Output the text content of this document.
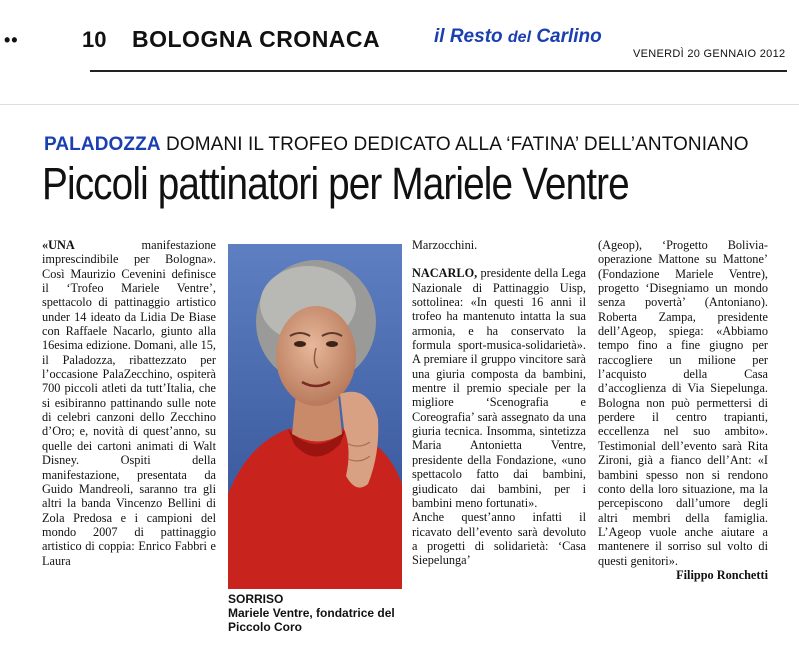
••	10 BOLOGNA CRONACA	il Resto del Carlino
VENERDÌ 20 GENNAIO 2012
PALADOZZA DOMANI IL TROFEO DEDICATO ALLA ‘FATINA’ DELL’ANTONIANO
Piccoli pattinatori per Mariele Ventre

«UNA manifestazione imprescindibile per Bologna». Così Maurizio Cevenini definisce il ‘Trofeo Mariele Ventre’, spettacolo di pattinaggio artistico under 14 ideato da Lidia De Biase con Raffaele Nacarlo, giunto alla 16esima edizione. Domani, alle 15, il Paladozza, ribattezzato per l’occasione PalaZecchino, ospiterà 700 piccoli atleti da tutt’Italia, che si esibiranno pattinando sulle note di celebri canzoni dello Zecchino d’Oro; e, novità di quest’anno, su quelle dei cartoni animati di Walt Disney. Ospiti della manifestazione, presentata da Guido Mandreoli, saranno tra gli altri la banda Vincenzo Bellini di Zola Predosa e i campioni del mondo 2007 di pattinaggio artistico di coppia: Enrico Fabbri e Laura

SORRISO
Mariele Ventre, fondatrice del Piccolo Coro

Marzocchini.

NACARLO, presidente della Lega Nazionale di Pattinaggio Uisp, sottolinea: «In questi 16 anni il trofeo ha mantenuto intatta la sua armonia, e ha conservato la formula sport-musica-solidarietà». A premiare il gruppo vincitore sarà una giuria composta da bambini, mentre il premio speciale per la migliore ‘Scenografia e Coreografia’ sarà assegnato da una giuria tecnica. Insomma, sintetizza Maria Antonietta Ventre, presidente della Fondazione, «uno spettacolo fatto dai bambini, giudicato dai bambini, per i bambini meno fortunati».

Anche quest’anno infatti il ricavato dell’evento sarà devoluto a progetti di solidarietà: ‘Casa Siepelunga’

(Ageop), ‘Progetto Bolivia-operazione Mattone su Mattone’ (Fondazione Mariele Ventre), progetto ‘Disegniamo un mondo senza povertà’ (Antoniano). Roberta Zampa, presidente dell’Ageop, spiega: «Abbiamo tempo fino a fine giugno per raccogliere un milione per l’acquisto della Casa d’accoglienza di Via Siepelunga. Bologna non può permettersi di perdere il centro trapianti, eccellenza nel suo ambito». Testimonial dell’evento sarà Rita Zironi, già a fianco dell’Ant: «I bambini spesso non si rendono conto della loro situazione, ma la percepiscono dall’umore degli altri membri della famiglia. L’Ageop vuole anche aiutare a mantenere il sorriso sul volto di questi genitori».

Filippo Ronchetti
